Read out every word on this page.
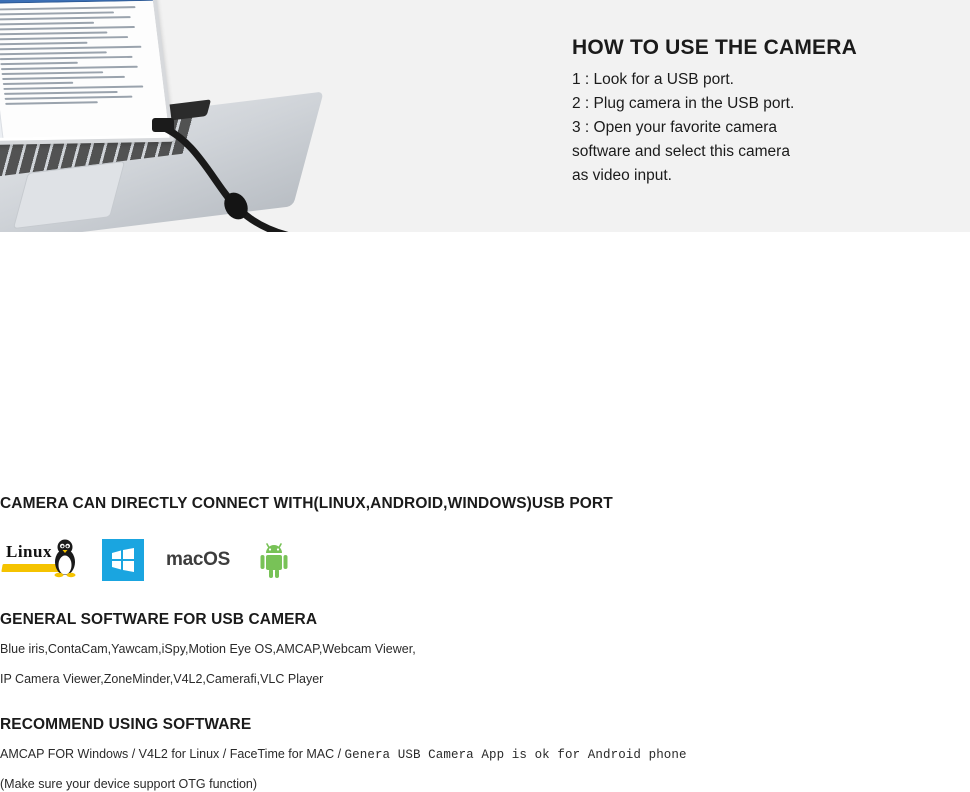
HOW TO USE THE CAMERA
1 : Look for a USB port.
2 : Plug camera in the USB port.
3 : Open your favorite camera
software and select this camera
as video input.
CAMERA CAN DIRECTLY CONNECT WITH(LINUX,ANDROID,WINDOWS)USB PORT
Linux	macOS
GENERAL SOFTWARE FOR USB CAMERA
Blue iris,ContaCam,Yawcam,iSpy,Motion Eye OS,AMCAP,Webcam Viewer,
IP Camera Viewer,ZoneMinder,V4L2,Camerafi,VLC Player
RECOMMEND USING SOFTWARE
AMCAP FOR Windows / V4L2 for Linux / FaceTime for MAC / Genera USB Camera App is ok for Android phone
(Make sure your device support OTG function)
